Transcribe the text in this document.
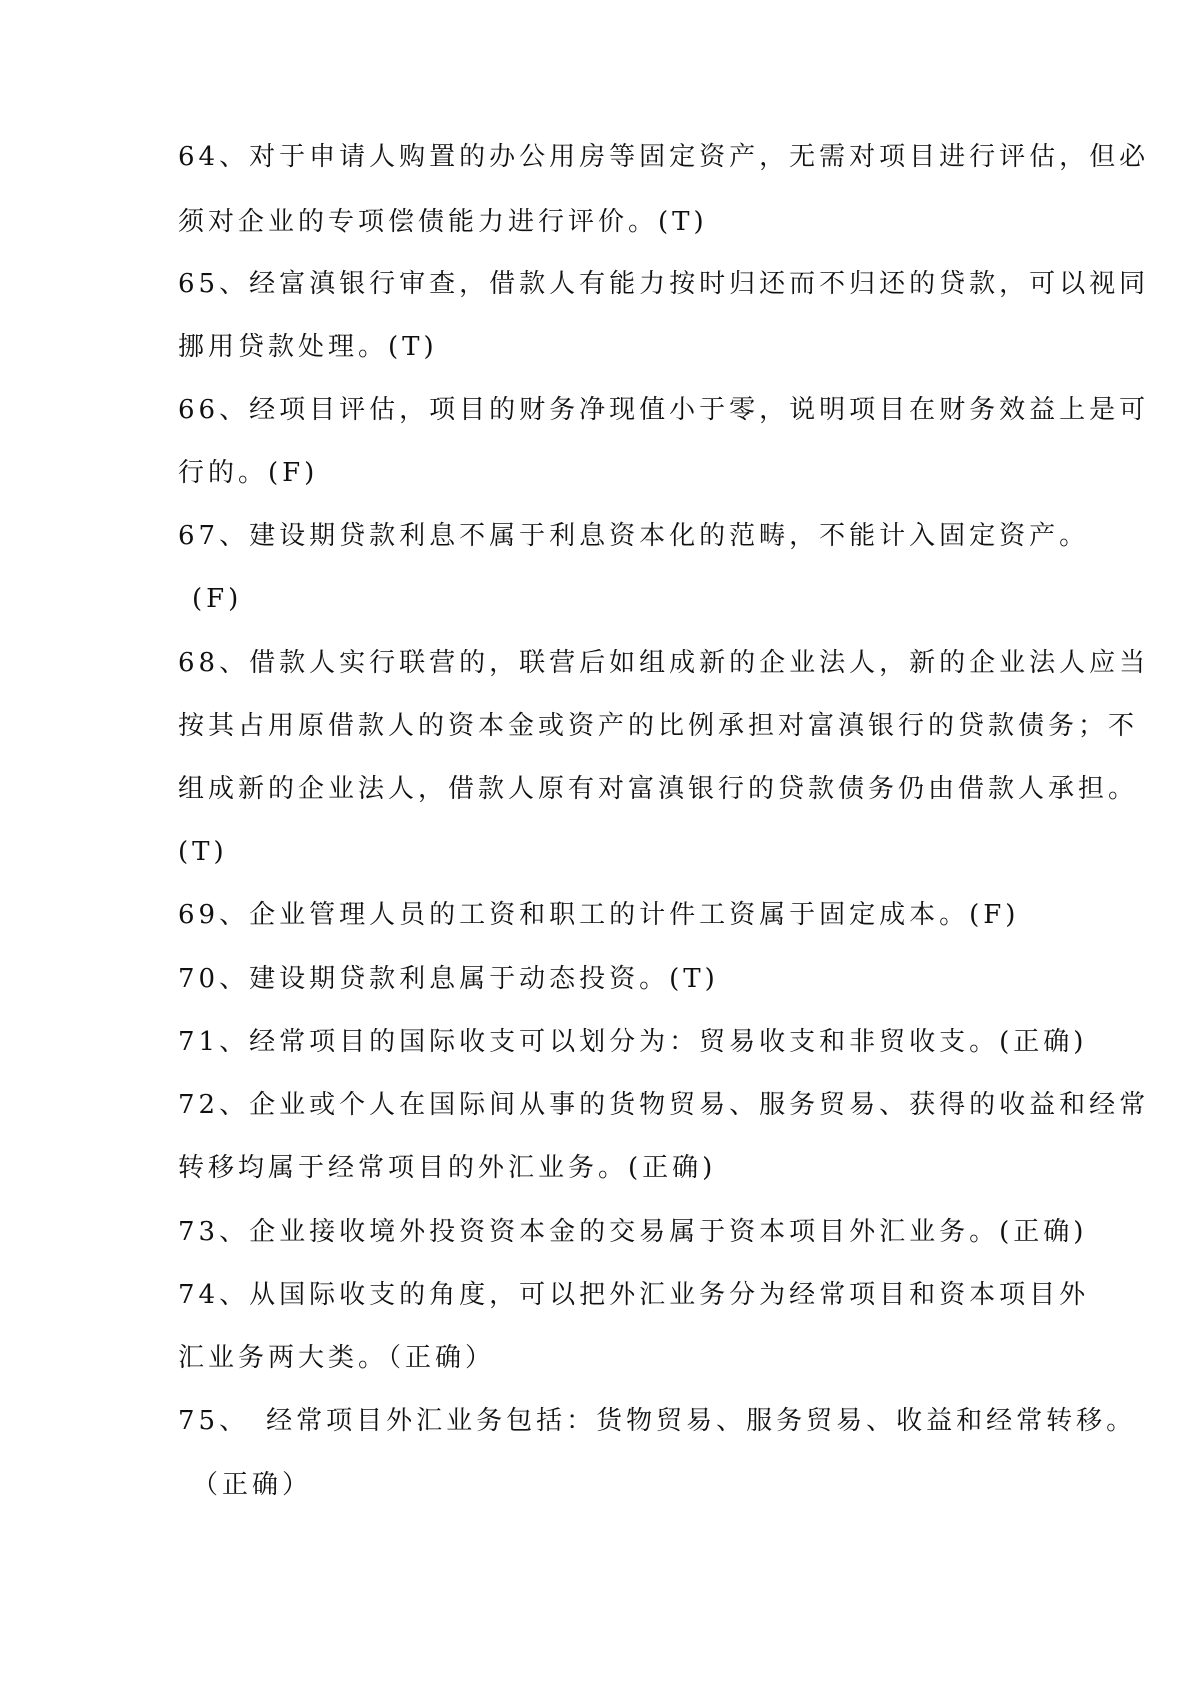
64、对于申请人购置的办公用房等固定资产，无需对项目进行评估，但必
须对企业的专项偿债能力进行评价。(T)
65、经富滇银行审查，借款人有能力按时归还而不归还的贷款，可以视同
挪用贷款处理。(T)
66、经项目评估，项目的财务净现值小于零，说明项目在财务效益上是可
行的。(F)
67、建设期贷款利息不属于利息资本化的范畴，不能计入固定资产。
(F)
68、借款人实行联营的，联营后如组成新的企业法人，新的企业法人应当
按其占用原借款人的资本金或资产的比例承担对富滇银行的贷款债务；不
组成新的企业法人，借款人原有对富滇银行的贷款债务仍由借款人承担。
(T)
69、企业管理人员的工资和职工的计件工资属于固定成本。(F)
70、建设期贷款利息属于动态投资。(T)
71、经常项目的国际收支可以划分为：贸易收支和非贸收支。(正确)
72、企业或个人在国际间从事的货物贸易、服务贸易、获得的收益和经常
转移均属于经常项目的外汇业务。(正确)
73、企业接收境外投资资本金的交易属于资本项目外汇业务。(正确)
74、从国际收支的角度，可以把外汇业务分为经常项目和资本项目外
汇业务两大类。（正确）
75、　经常项目外汇业务包括：货物贸易、服务贸易、收益和经常转移。
（正确）
